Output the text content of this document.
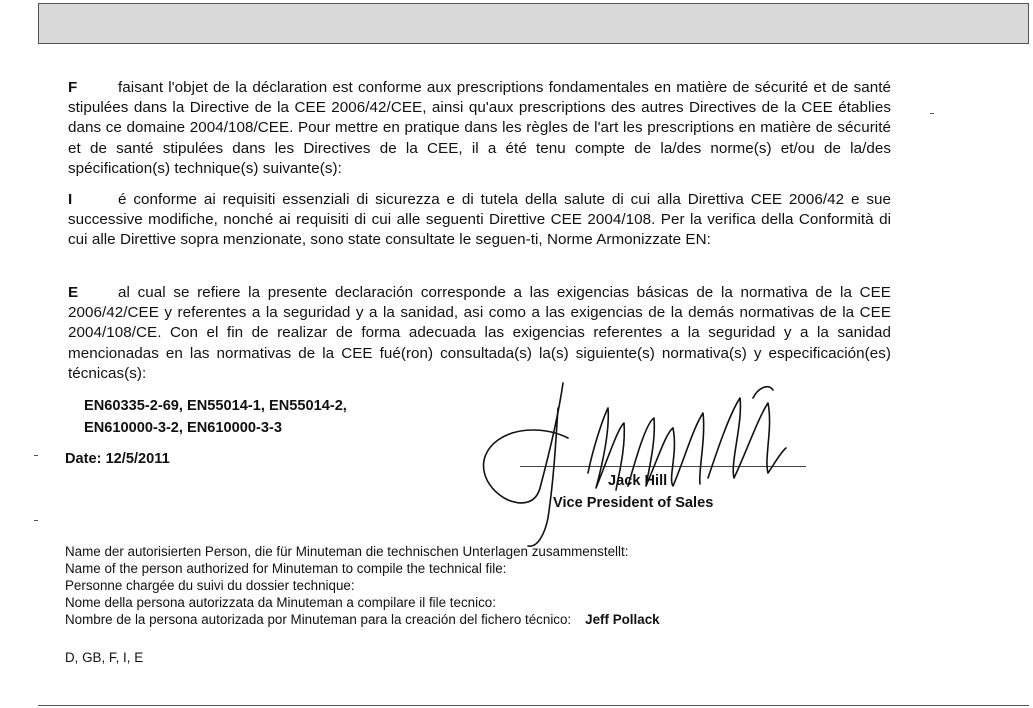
F	faisant l'objet de la déclaration est conforme aux prescriptions fondamentales en matière de sécurité et de santé stipulées dans la Directive de la CEE 2006/42/CEE, ainsi qu'aux prescriptions des autres Directives de la CEE établies dans ce domaine 2004/108/CEE. Pour mettre en pratique dans les règles de l'art les prescriptions en matière de sécurité et de santé stipulées dans les Directives de la CEE, il a été tenu compte de la/des norme(s) et/ou de la/des spécification(s) technique(s) suivante(s):
I	é conforme ai requisiti essenziali di sicurezza e di tutela della salute di cui alla Direttiva CEE 2006/42 e sue successive modifiche, nonché ai requisiti di cui alle seguenti Direttive CEE 2004/108. Per la verifica della Conformità di cui alle Direttive sopra menzionate, sono state consultate le seguen-ti, Norme Armonizzate EN:
E	al cual se refiere la presente declaración corresponde a las exigencias básicas de la normativa de la CEE 2006/42/CEE y referentes a la seguridad y a la sanidad, asi como a las exigencias de la demás normativas de la CEE 2004/108/CE. Con el fin de realizar de forma adecuada las exigencias referentes a la seguridad y a la sanidad mencionadas en las normativas de la CEE fué(ron) consultada(s) la(s) siguiente(s) normativa(s) y especificación(es) técnicas(s):
EN60335-2-69, EN55014-1, EN55014-2,
EN610000-3-2, EN610000-3-3
Date: 12/5/2011
Jack Hill
Vice President of Sales
Name der autorisierten Person, die für Minuteman die technischen Unterlagen zusammenstellt:
Name of the person authorized for Minuteman to compile the technical file:
Personne chargée du suivi du dossier technique:
Nome della persona autorizzata da Minuteman a compilare il file tecnico:
Nombre de la persona autorizada por Minuteman para la creación del fichero técnico: Jeff Pollack
D, GB, F, I, E
